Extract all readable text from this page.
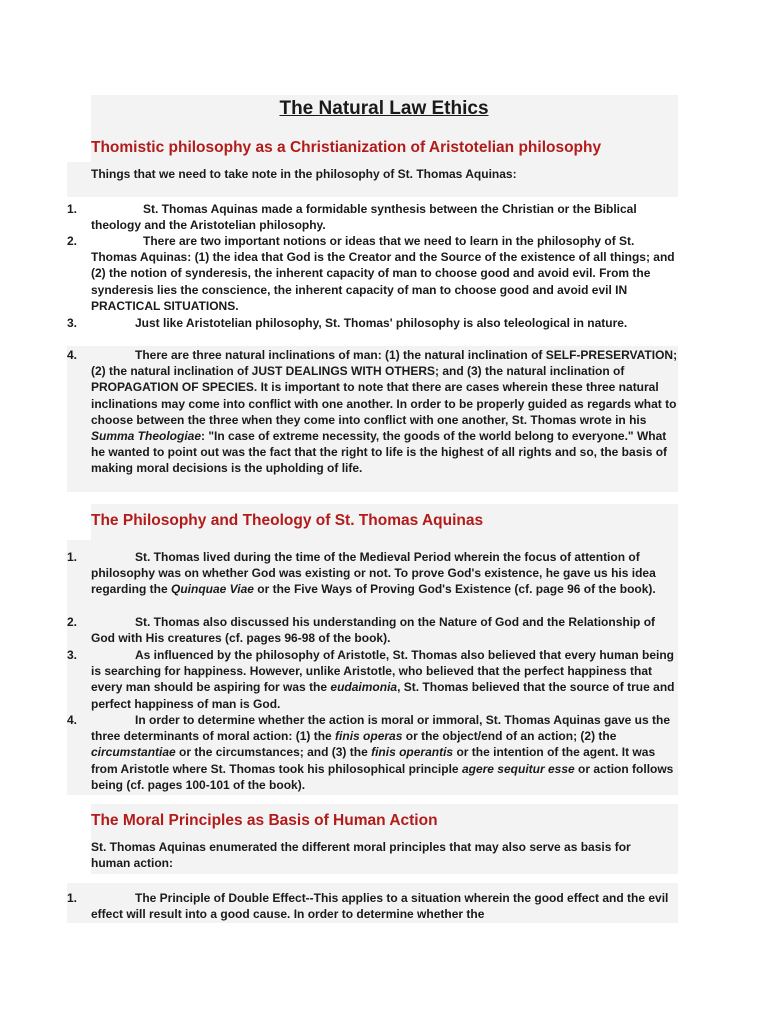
The Natural Law Ethics
Thomistic philosophy as a Christianization of Aristotelian philosophy
Things that we need to take note in the philosophy of St. Thomas Aquinas:
1.	St. Thomas Aquinas made a formidable synthesis between the Christian or the Biblical theology and the Aristotelian philosophy.
2.	There are two important notions or ideas that we need to learn in the philosophy of St. Thomas Aquinas: (1) the idea that God is the Creator and the Source of the existence of all things; and (2) the notion of synderesis, the inherent capacity of man to choose good and avoid evil. From the synderesis lies the conscience, the inherent capacity of man to choose good and avoid evil IN PRACTICAL SITUATIONS.
3.	Just like Aristotelian philosophy, St. Thomas' philosophy is also teleological in nature.
4.	There are three natural inclinations of man: (1) the natural inclination of SELF-PRESERVATION; (2) the natural inclination of JUST DEALINGS WITH OTHERS; and (3) the natural inclination of PROPAGATION OF SPECIES. It is important to note that there are cases wherein these three natural inclinations may come into conflict with one another. In order to be properly guided as regards what to choose between the three when they come into conflict with one another, St. Thomas wrote in his Summa Theologiae: "In case of extreme necessity, the goods of the world belong to everyone." What he wanted to point out was the fact that the right to life is the highest of all rights and so, the basis of making moral decisions is the upholding of life.
The Philosophy and Theology of St. Thomas Aquinas
1.	St. Thomas lived during the time of the Medieval Period wherein the focus of attention of philosophy was on whether God was existing or not. To prove God's existence, he gave us his idea regarding the Quinquae Viae or the Five Ways of Proving God's Existence (cf. page 96 of the book).
2.	St. Thomas also discussed his understanding on the Nature of God and the Relationship of God with His creatures (cf. pages 96-98 of the book).
3.	As influenced by the philosophy of Aristotle, St. Thomas also believed that every human being is searching for happiness. However, unlike Aristotle, who believed that the perfect happiness that every man should be aspiring for was the eudaimonia, St. Thomas believed that the source of true and perfect happiness of man is God.
4.	In order to determine whether the action is moral or immoral, St. Thomas Aquinas gave us the three determinants of moral action: (1) the finis operas or the object/end of an action; (2) the circumstantiae or the circumstances; and (3) the finis operantis or the intention of the agent. It was from Aristotle where St. Thomas took his philosophical principle agere sequitur esse or action follows being (cf. pages 100-101 of the book).
The Moral Principles as Basis of Human Action
St. Thomas Aquinas enumerated the different moral principles that may also serve as basis for human action:
1.	The Principle of Double Effect--This applies to a situation wherein the good effect and the evil effect will result into a good cause. In order to determine whether the
